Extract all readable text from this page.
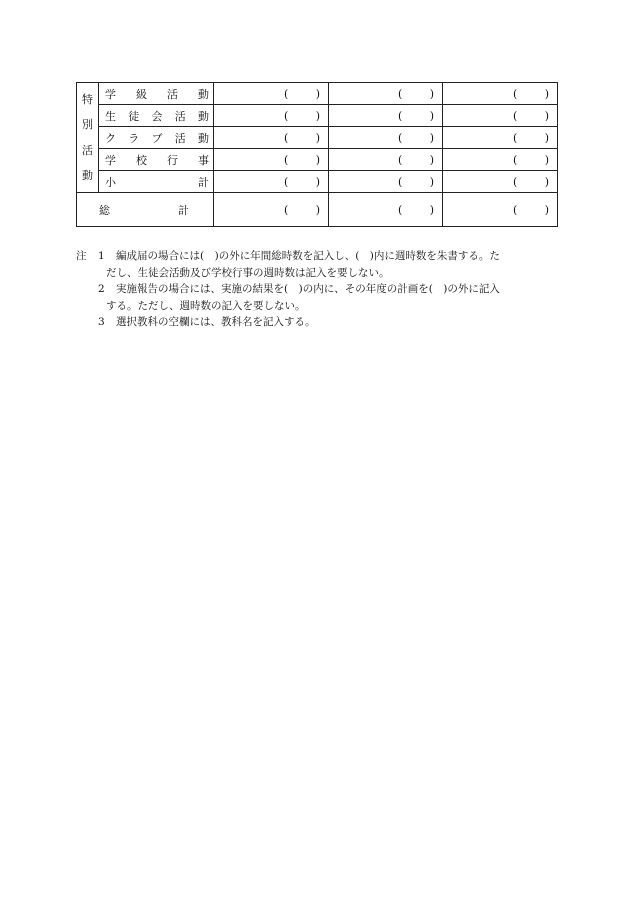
特
別
活
動	学級活動	( )	( )	( )

	生徒会活動	( )	( )	( )

	クラブ活動	( )	( )	( )

	学校行事	( )	( )	( )

	小 計	( )	( )	( )

総 計		( )	( )	( )
注	1	編成届の場合には(　)の外に年間総時数を記入し、(　)内に週時数を朱書する。た
だし、生徒会活動及び学校行事の週時数は記入を要しない。
2	実施報告の場合には、実施の結果を(　)の内に、その年度の計画を(　)の外に記入
する。ただし、週時数の記入を要しない。
3	選択教科の空欄には、教科名を記入する。
